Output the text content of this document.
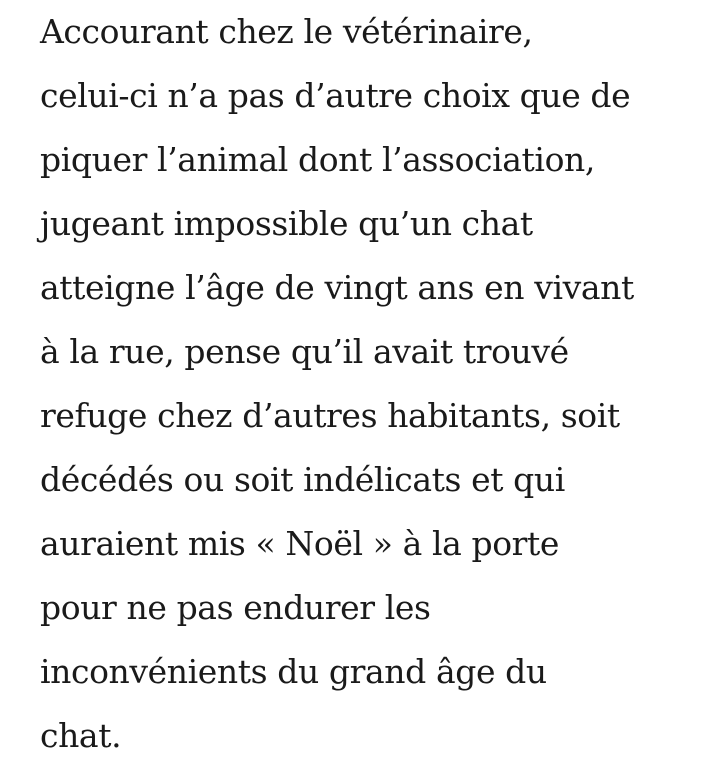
Accourant chez le vétérinaire,
celui-ci n’a pas d’autre choix que de
piquer l’animal dont l’association,
jugeant impossible qu’un chat
atteigne l’âge de vingt ans en vivant
à la rue, pense qu’il avait trouvé
refuge chez d’autres habitants, soit
décédés ou soit indélicats et qui
auraient mis « Noël » à la porte
pour ne pas endurer les
inconvénients du grand âge du
chat.
